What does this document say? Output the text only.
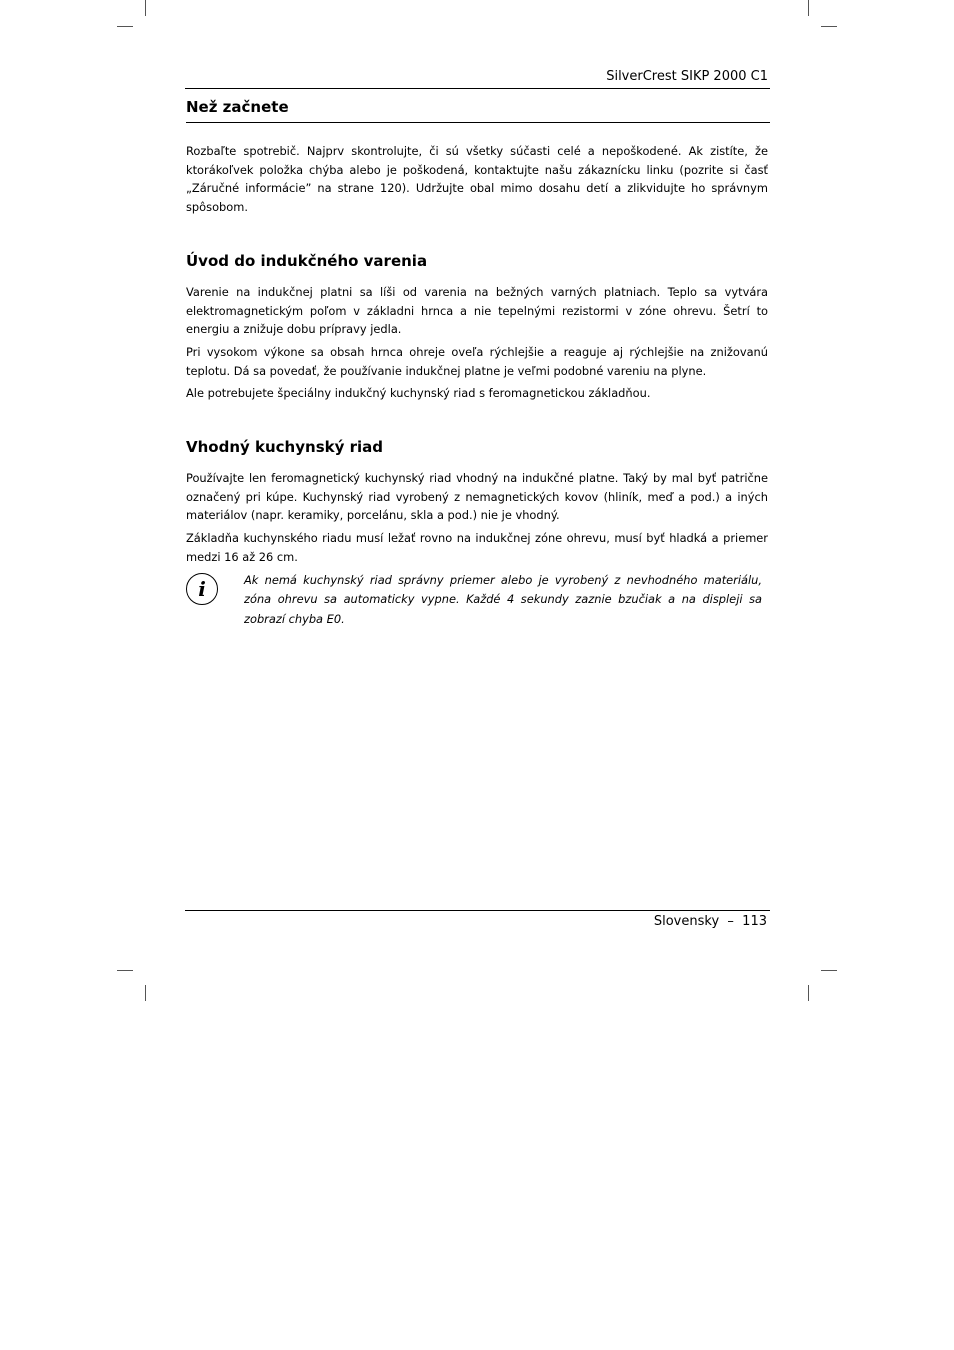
SilverCrest SIKP 2000 C1
Než začnete

Rozbaľte spotrebič. Najprv skontrolujte, či sú všetky súčasti celé a nepoškodené. Ak zistíte, že ktorákoľvek položka chýba alebo je poškodená, kontaktujte našu zákaznícku linku (pozrite si časť „Záručné informácie” na strane 120). Udržujte obal mimo dosahu detí a zlikvidujte ho správnym spôsobom.

Úvod do indukčného varenia

Varenie na indukčnej platni sa líši od varenia na bežných varných platniach. Teplo sa vytvára elektromagnetickým poľom v základni hrnca a nie tepelnými rezistormi v zóne ohrevu. Šetrí to energiu a znižuje dobu prípravy jedla.

Pri vysokom výkone sa obsah hrnca ohreje oveľa rýchlejšie a reaguje aj rýchlejšie na znižovanú teplotu. Dá sa povedať, že používanie indukčnej platne je veľmi podobné vareniu na plyne.

Ale potrebujete špeciálny indukčný kuchynský riad s feromagnetickou základňou.

Vhodný kuchynský riad

Používajte len feromagnetický kuchynský riad vhodný na indukčné platne. Taký by mal byť patrične označený pri kúpe. Kuchynský riad vyrobený z nemagnetických kovov (hliník, meď a pod.) a iných materiálov (napr. keramiky, porcelánu, skla a pod.) nie je vhodný.

Základňa kuchynského riadu musí ležať rovno na indukčnej zóne ohrevu, musí byť hladká a priemer medzi 16 až 26 cm.

i	Ak nemá kuchynský riad správny priemer alebo je vyrobený z nevhodného materiálu, zóna ohrevu sa automaticky vypne. Každé 4 sekundy zaznie bzučiak a na displeji sa zobrazí chyba E0.
Slovensky – 113
